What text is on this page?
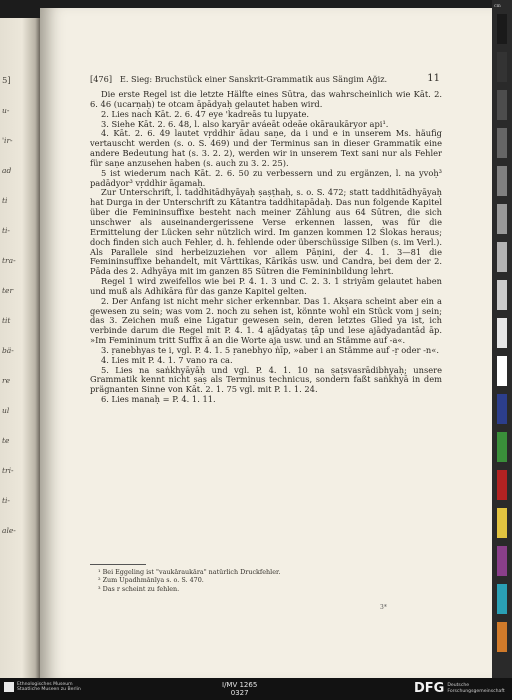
5]
u-
'ir-
ad
ti
ti-
tra-
ter
tit
bä-
re
ul
te
tri-
ti-
ale-
[476] E. Sieg: Bruchstück einer Sanskrit-Grammatik aus Sängim Ağiz.	11

Die erste Regel ist die letzte Hälfte eines Sūtra, das wahrscheinlich wie Kāt. 2. 6. 46 (ucarṇaḥ) te otcam āpādyaḥ gelautet haben wird.

2. Lies nach Kāt. 2. 6. 47 eye 'kadreās tu lupyate.

3. Siehe Kāt. 2. 6. 48, l. also karyār aváeāt odeāe okāraukāryor api¹.

4. Kāt. 2. 6. 49 lautet vṛddhir ādau saṇe, da i und e in unserem Ms. häufig vertauscht werden (s. o. S. 469) und der Terminus san in dieser Grammatik eine andere Bedeutung hat (s. 3. 2. 2), werden wir in unserem Text sani nur als Fehler für saṇe anzusehen haben (s. auch zu 3. 2. 25).

5 ist wiederum nach Kāt. 2. 6. 50 zu verbessern und zu ergänzen, l. na yvoḥ³ padādyor³ vṛddhir āgamaḥ.

Zur Unterschrift, l. taddhitādhyāyaḥ ṣaṣṭhaḥ, s. o. S. 472; statt taddhitādhyāyaḥ hat Durga in der Unterschrift zu Kātantra taddhitapādaḥ. Das nun folgende Kapitel über die Femininsuffixe besteht nach meiner Zählung aus 64 Sūtren, die sich unschwer als auseinandergerissene Verse erkennen lassen, was für die Ermittelung der Lücken sehr nützlich wird. Im ganzen kommen 12 Ślokas heraus; doch finden sich auch Fehler, d. h. fehlende oder überschüssige Silben (s. im Verl.). Als Parallele sind herbeizuziehen vor allem Pāṇini, der 4. 1. 3—81 die Femininsuffixe behandelt, mit Vārttikas, Kārikās usw. und Candra, bei dem der 2. Pāda des 2. Adhyāya mit im ganzen 85 Sūtren die Femininbildung lehrt.

Regel 1 wird zweifellos wie bei P. 4. 1. 3 und C. 2. 3. 1 striyām gelautet haben und muß als Adhikāra für das ganze Kapitel gelten.

2. Der Anfang ist nicht mehr sicher erkennbar. Das 1. Akṣara scheint aber ein a gewesen zu sein; was vom 2. noch zu sehen ist, könnte wohl ein Stück vom j sein; das 3. Zeichen muß eine Ligatur gewesen sein, deren letztes Glied ya ist, ich verbinde darum die Regel mit P. 4. 1. 4 ajādyataṣ ṭāp und lese ajādyadantād āp. »Im Femininum tritt Suffix ā an die Worte aja usw. und an Stämme auf -a«.

3. ṛanebhyas te i, vgl. P. 4. 1. 5 ṛanebhyo ṅīp, »aber i an Stämme auf -ṛ oder -n«.

4. Lies mit P. 4. 1. 7 vano ra ca.

5. Lies na saṅkhyāyāḥ und vgl. P. 4. 1. 10 na ṣaṭsvasrādibhyaḥ; unsere Grammatik kennt nicht ṣaṣ als Terminus technicus, sondern faßt saṅkhyā in dem prägnanten Sinne von Kāt. 2. 1. 75 vgl. mit P. 1. 1. 24.

6. Lies manaḥ = P. 4. 1. 11.

¹ Bei Eggeling ist "vaukāraukāra" natürlich Druckfehler.
² Zum Upadhmānīya s. o. S. 470.
³ Das r scheint zu fehlen.
3*
cm
Ethnologisches Museum
Staatliche Museen zu Berlin
I/MV 1265
0327	DFG Deutsche
Forschungsgemeinschaft
